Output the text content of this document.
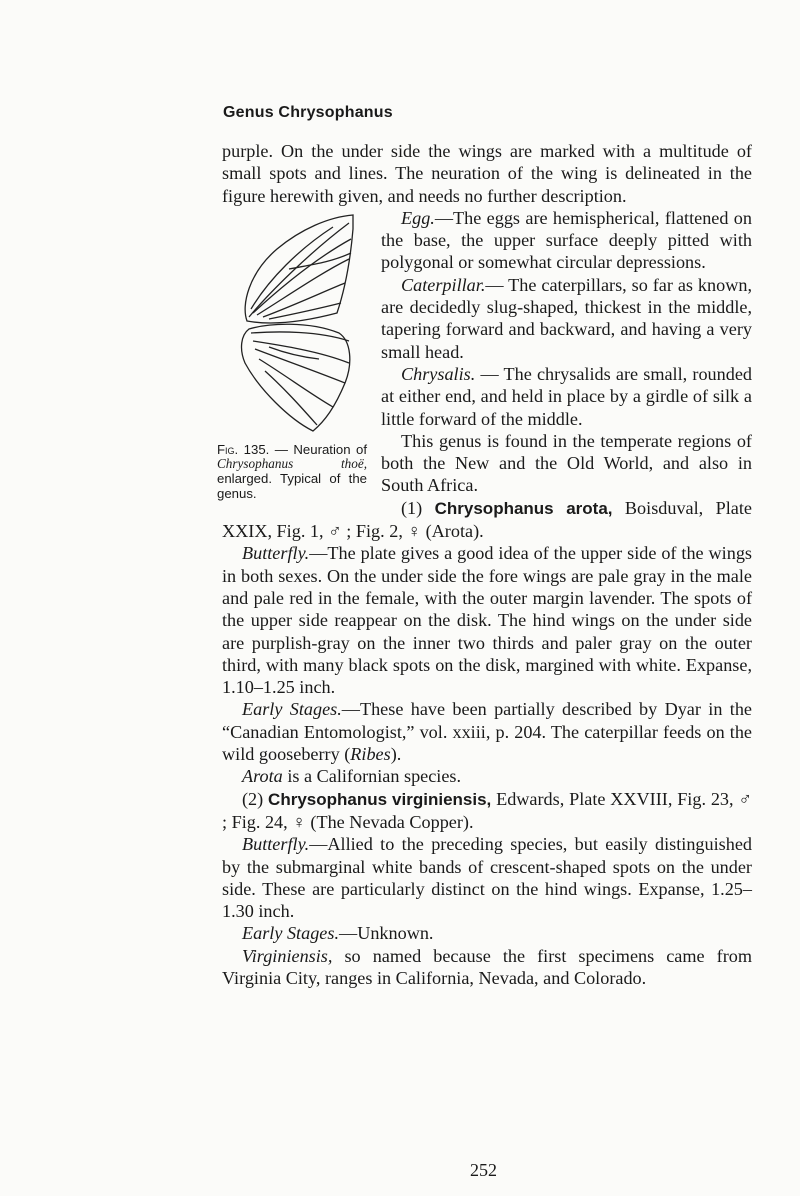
Genus Chrysophanus

purple. On the under side the wings are marked with a multitude of small spots and lines. The neuration of the wing is delineated in the figure herewith given, and needs no further description.

Fig. 135. — Neuration of Chrysophanus thoë, enlarged. Typical of the genus.

Egg.—The eggs are hemispherical, flattened on the base, the upper surface deeply pitted with polygonal or somewhat circular depressions.

Caterpillar.— The caterpillars, so far as known, are decidedly slug-shaped, thickest in the middle, tapering forward and backward, and having a very small head.

Chrysalis. — The chrysalids are small, rounded at either end, and held in place by a girdle of silk a little forward of the middle.

This genus is found in the temperate regions of both the New and the Old World, and also in South Africa.

(1) Chrysophanus arota, Boisduval, Plate XXIX, Fig. 1, ♂ ; Fig. 2, ♀ (Arota).

Butterfly.—The plate gives a good idea of the upper side of the wings in both sexes. On the under side the fore wings are pale gray in the male and pale red in the female, with the outer margin lavender. The spots of the upper side reappear on the disk. The hind wings on the under side are purplish-gray on the inner two thirds and paler gray on the outer third, with many black spots on the disk, margined with white. Expanse, 1.10–1.25 inch.

Early Stages.—These have been partially described by Dyar in the “Canadian Entomologist,” vol. xxiii, p. 204. The caterpillar feeds on the wild gooseberry (Ribes).

Arota is a Californian species.

(2) Chrysophanus virginiensis, Edwards, Plate XXVIII, Fig. 23, ♂ ; Fig. 24, ♀ (The Nevada Copper).

Butterfly.—Allied to the preceding species, but easily distinguished by the submarginal white bands of crescent-shaped spots on the under side. These are particularly distinct on the hind wings. Expanse, 1.25–1.30 inch.

Early Stages.—Unknown.

Virginiensis, so named because the first specimens came from Virginia City, ranges in California, Nevada, and Colorado.

252
